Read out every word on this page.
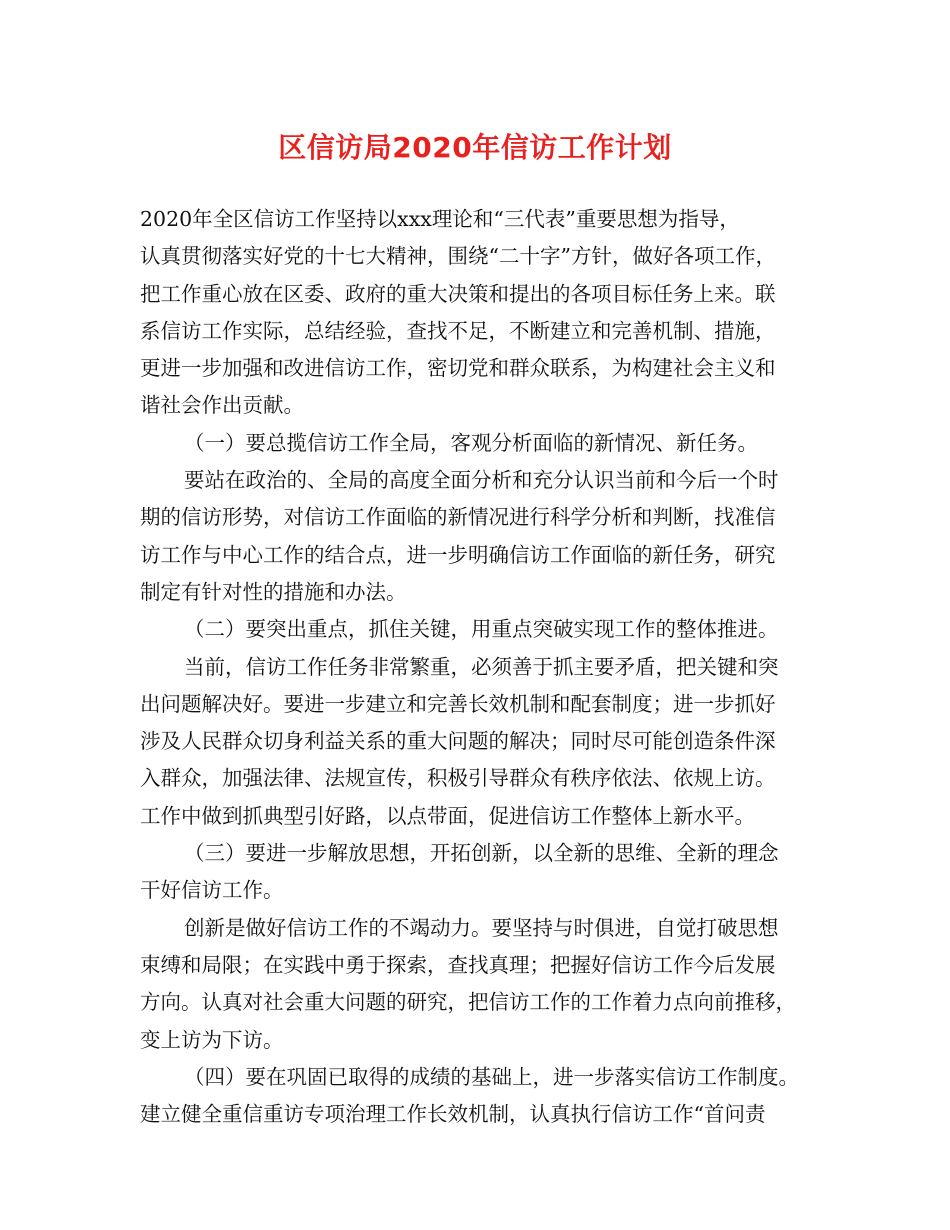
区信访局2020年信访工作计划
2020年全区信访工作坚持以xxx理论和“三代表”重要思想为指导，
认真贯彻落实好党的十七大精神，围绕“二十字”方针，做好各项工作，
把工作重心放在区委、政府的重大决策和提出的各项目标任务上来。联
系信访工作实际，总结经验，查找不足，不断建立和完善机制、措施，
更进一步加强和改进信访工作，密切党和群众联系，为构建社会主义和
谐社会作出贡献。
（一）要总揽信访工作全局，客观分析面临的新情况、新任务。
要站在政治的、全局的高度全面分析和充分认识当前和今后一个时
期的信访形势，对信访工作面临的新情况进行科学分析和判断，找准信
访工作与中心工作的结合点，进一步明确信访工作面临的新任务，研究
制定有针对性的措施和办法。
（二）要突出重点，抓住关键，用重点突破实现工作的整体推进。
当前，信访工作任务非常繁重，必须善于抓主要矛盾，把关键和突
出问题解决好。要进一步建立和完善长效机制和配套制度；进一步抓好
涉及人民群众切身利益关系的重大问题的解决；同时尽可能创造条件深
入群众，加强法律、法规宣传，积极引导群众有秩序依法、依规上访。
工作中做到抓典型引好路，以点带面，促进信访工作整体上新水平。
（三）要进一步解放思想，开拓创新，以全新的思维、全新的理念
干好信访工作。
创新是做好信访工作的不竭动力。要坚持与时俱进，自觉打破思想
束缚和局限；在实践中勇于探索，查找真理；把握好信访工作今后发展
方向。认真对社会重大问题的研究，把信访工作的工作着力点向前推移，
变上访为下访。
（四）要在巩固已取得的成绩的基础上，进一步落实信访工作制度。
建立健全重信重访专项治理工作长效机制，认真执行信访工作“首问责
